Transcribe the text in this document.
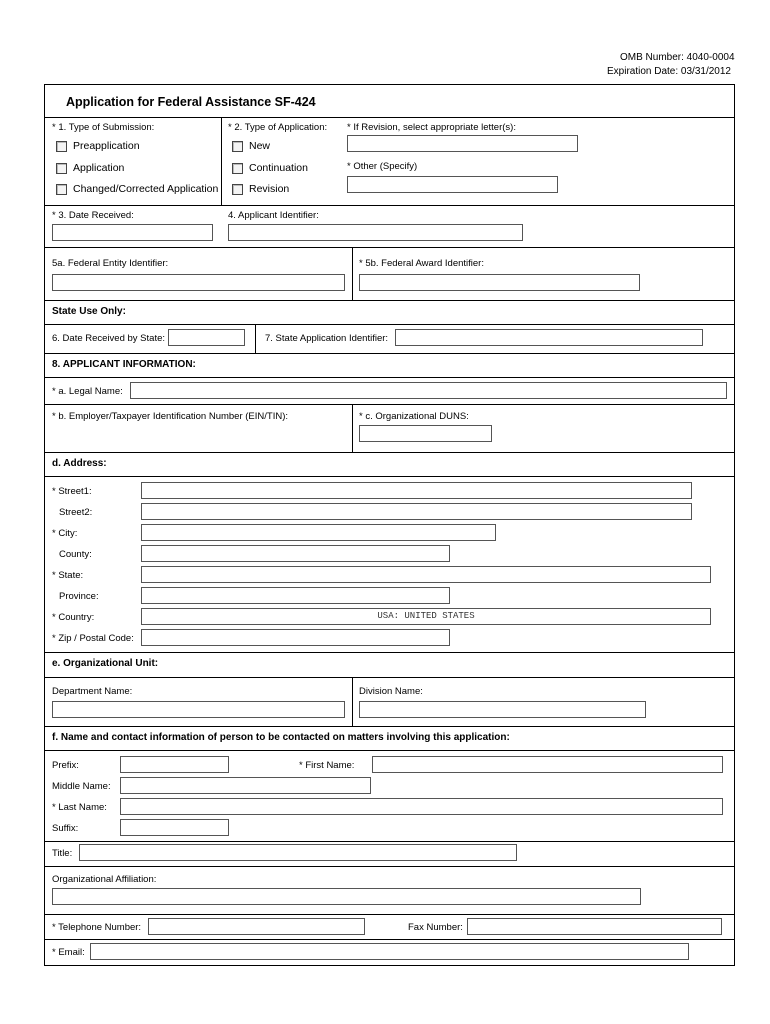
OMB Number: 4040-0004
Expiration Date: 03/31/2012
Application for Federal Assistance SF-424
* 1. Type of Submission:
Preapplication
Application
Changed/Corrected Application
* 2. Type of Application:
New
Continuation
Revision
* If Revision, select appropriate letter(s):
* Other (Specify)
* 3. Date Received:	4. Applicant Identifier:
5a. Federal Entity Identifier:	* 5b. Federal Award Identifier:
State Use Only:
6. Date Received by State:	7. State Application Identifier:
8. APPLICANT INFORMATION:
* a. Legal Name:
* b. Employer/Taxpayer Identification Number (EIN/TIN):	* c. Organizational DUNS:
d. Address:
* Street1:
Street2:
* City:
County:
* State:
Province:
* Country:	USA: UNITED STATES
* Zip / Postal Code:
e. Organizational Unit:
Department Name:	Division Name:
f. Name and contact information of person to be contacted on matters involving this application:
Prefix:	* First Name:
Middle Name:
* Last Name:
Suffix:
Title:
Organizational Affiliation:
* Telephone Number:	Fax Number:
* Email:
